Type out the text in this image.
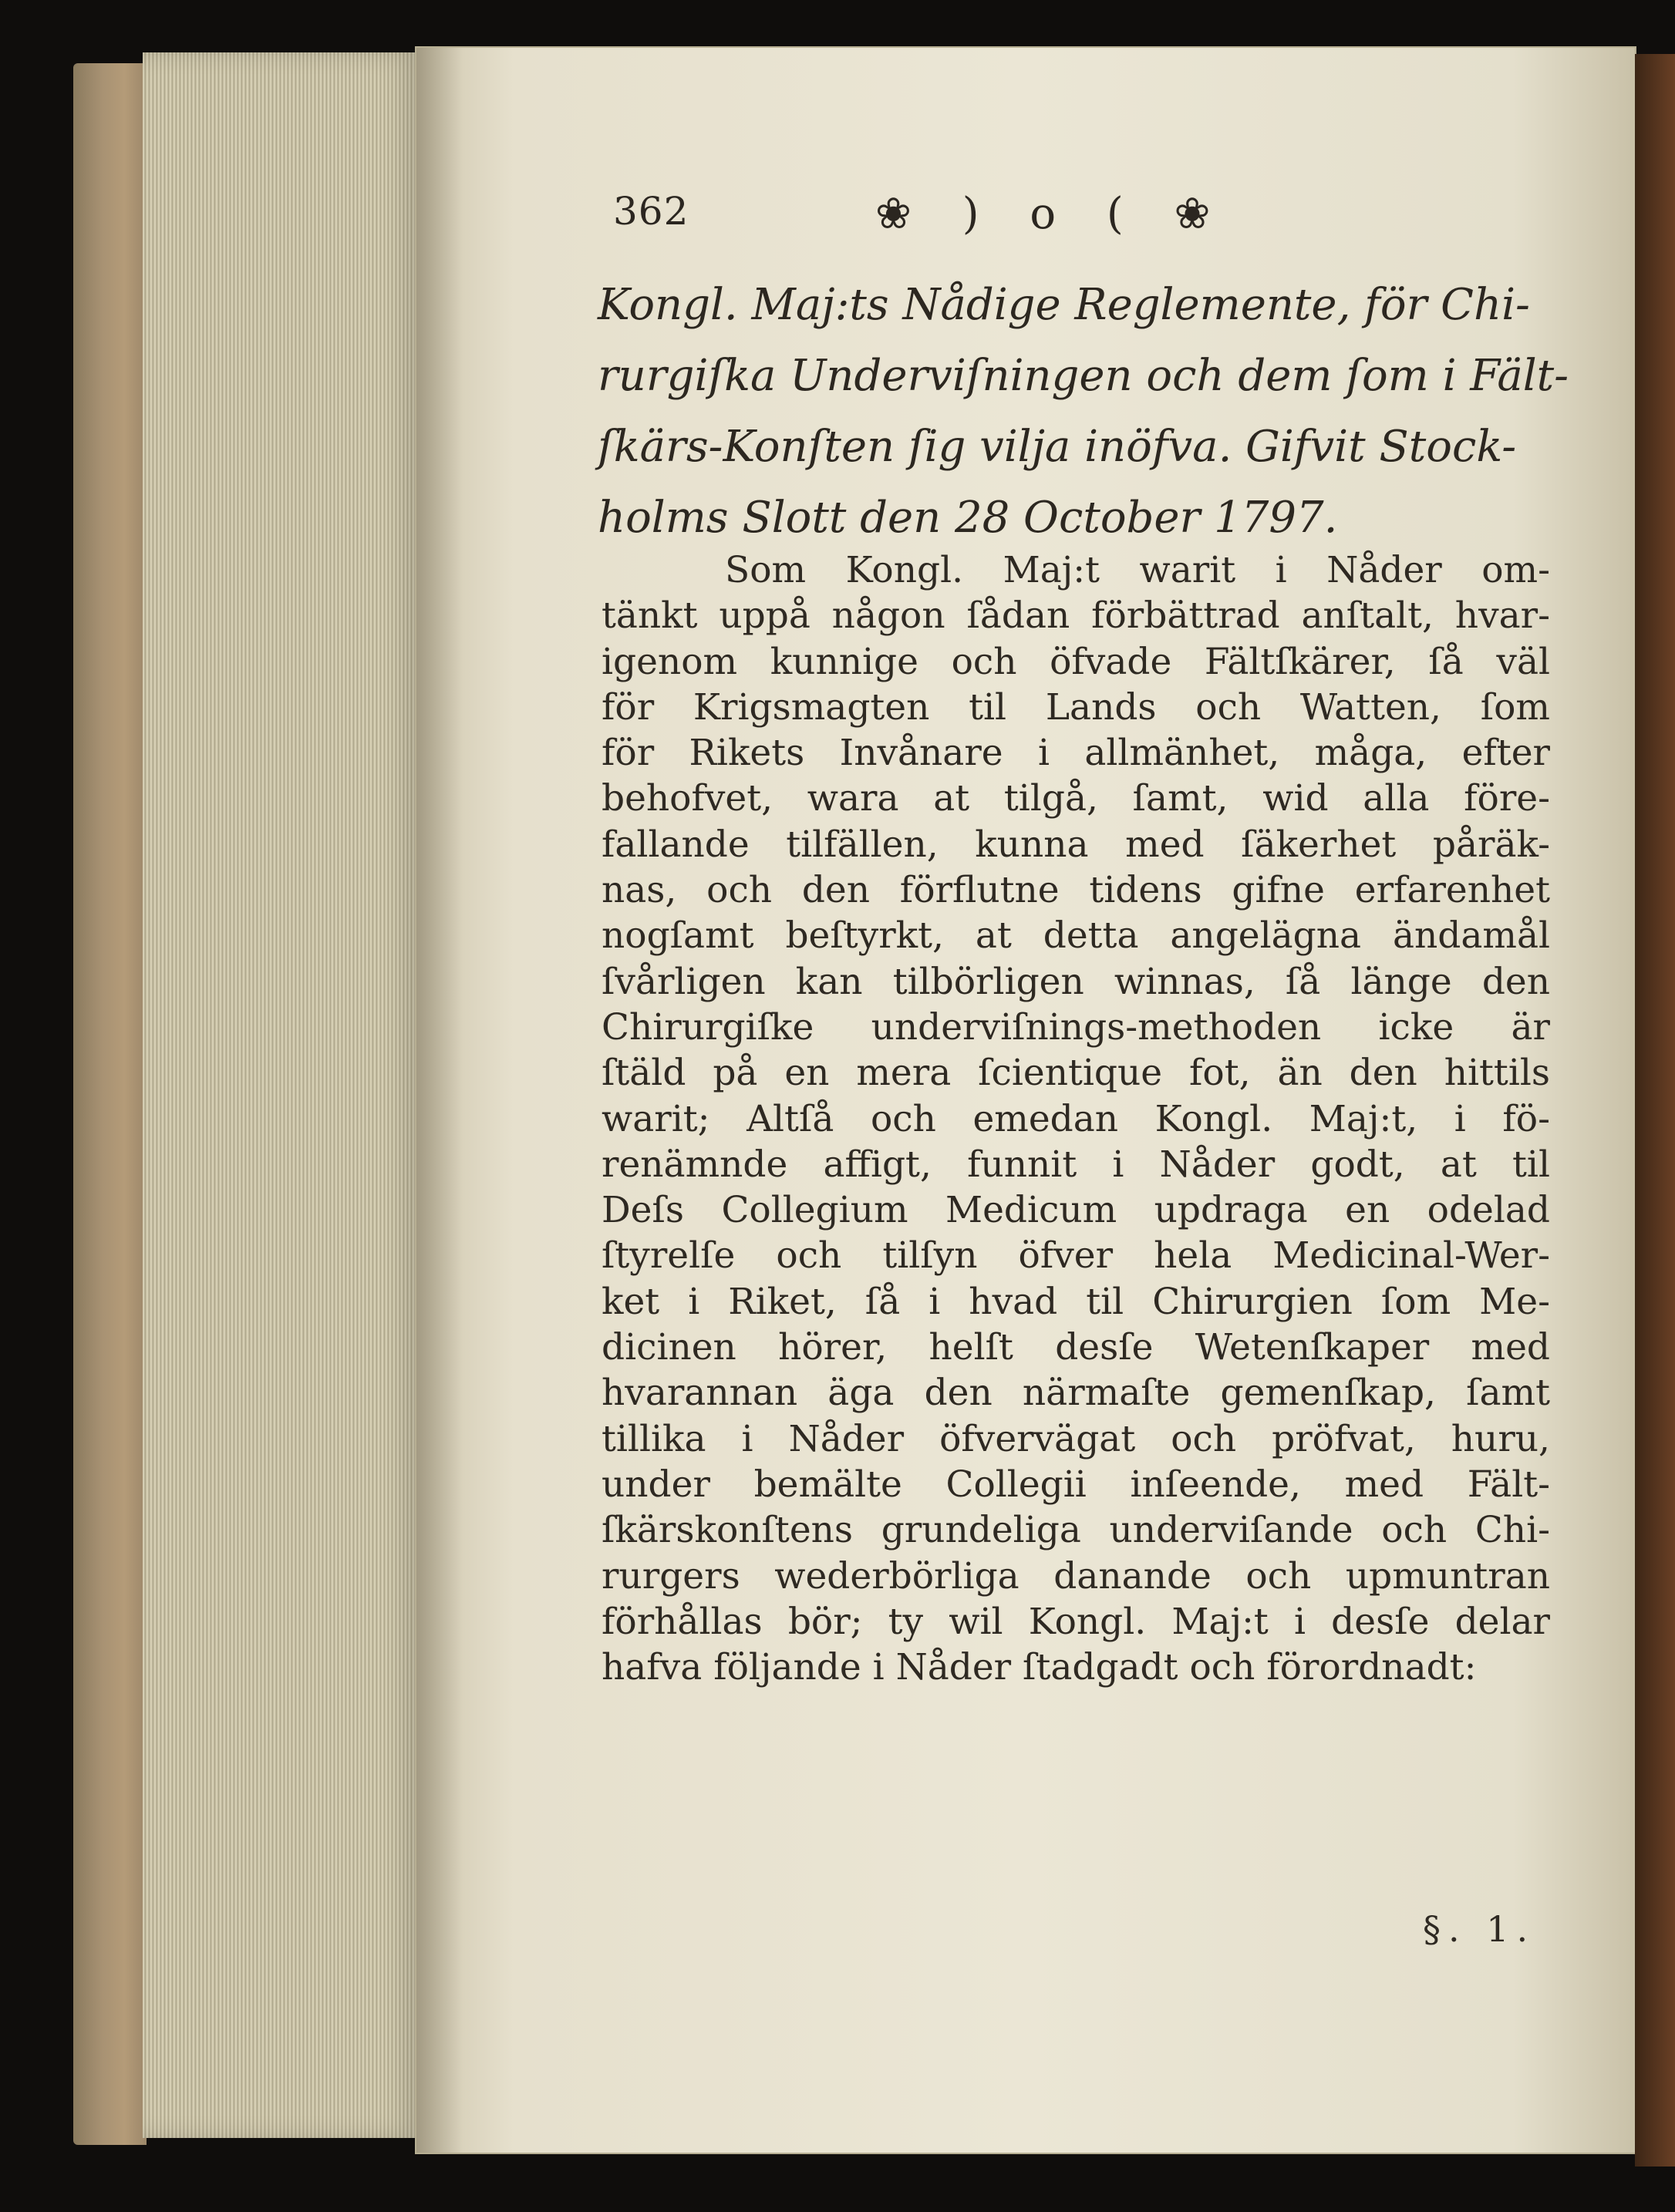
362	❀ ) o ( ❀
Kongl. Maj:ts Nådige Reglemente, för Chi-
rurgiſka Underviſningen och dem ſom i Fält-
ſkärs-Konſten ſig vilja inöfva. Gifvit Stock-
holms Slott den 28 October 1797.
Som Kongl. Maj:t warit i Nåder om-
tänkt uppå någon ſådan förbättrad anſtalt, hvar-
igenom kunnige och öfvade Fältſkärer, ſå väl
för Krigsmagten til Lands och Watten, ſom
för Rikets Invånare i allmänhet, måga, efter
behofvet, wara at tilgå, ſamt, wid alla före-
fallande tilfällen, kunna med ſäkerhet påräk-
nas, och den förflutne tidens gifne erfarenhet
nogſamt beſtyrkt, at detta angelägna ändamål
ſvårligen kan tilbörligen winnas, ſå länge den
Chirurgiſke underviſnings-methoden icke är
ſtäld på en mera ſcientique fot, än den hittils
warit; Altſå och emedan Kongl. Maj:t, i fö-
renämnde affigt, funnit i Nåder godt, at til
Deſs Collegium Medicum updraga en odelad
ſtyrelſe och tilſyn öfver hela Medicinal-Wer-
ket i Riket, ſå i hvad til Chirurgien ſom Me-
dicinen hörer, helſt desſe Wetenſkaper med
hvarannan äga den närmaſte gemenſkap, ſamt
tillika i Nåder öfvervägat och pröfvat, huru,
under bemälte Collegii inſeende, med Fält-
ſkärskonſtens grundeliga underviſande och Chi-
rurgers wederbörliga danande och upmuntran
förhållas bör; ty wil Kongl. Maj:t i desſe delar
hafva följande i Nåder ſtadgadt och förordnadt:
§. 1.
